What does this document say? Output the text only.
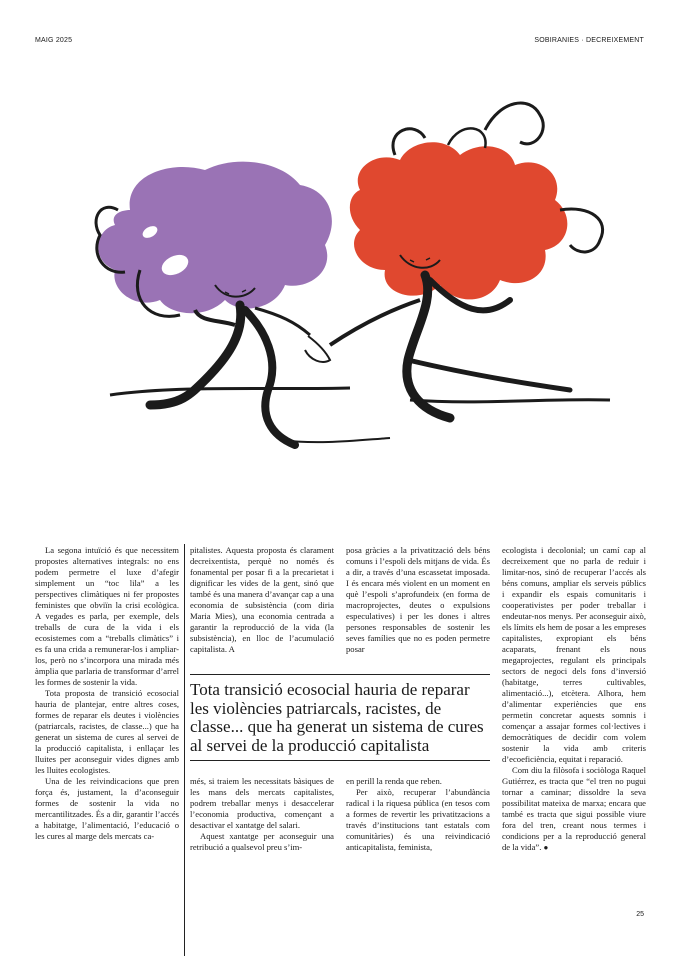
MAIG 2025	SOBIRANIES · DECREIXEMENT

La segona intuïció és que necessitem propostes alternatives integrals: no ens podem permetre el luxe d’afegir simplement un “toc lila” a les perspectives climàtiques ni fer propostes feministes que obviïn la crisi ecològica. A vegades es parla, per exemple, dels treballs de cura de la vida i els ecosistemes com a “treballs climàtics” i es fa una crida a remunerar-los i ampliar-los, però no s’incorpora una mirada més àmplia que parlaria de transformar d’arrel les formes de sostenir la vida.

Tota proposta de transició ecosocial hauria de plantejar, entre altres coses, formes de reparar els deutes i violències (patriarcals, racistes, de classe...) que ha generat un sistema de cures al servei de la producció capitalista, i enllaçar les lluites per aconseguir vides dignes amb les lluites ecologistes.

Una de les reivindicacions que pren força és, justament, la d’aconseguir formes de sostenir la vida no mercantilitzades. És a dir, garantir l’accés a habitatge, l’alimentació, l’educació o les cures al marge dels mercats ca-

pitalistes. Aquesta proposta és clarament decreixentista, perquè no només és fonamental per posar fi a la precarietat i dignificar les vides de la gent, sinó que també és una manera d’avançar cap a una economia de subsistència (com diria Maria Mies), una economia centrada a garantir la reproducció de la vida (la subsistència), en lloc de l’acumulació capitalista. A

posa gràcies a la privatització dels béns comuns i l’espoli dels mitjans de vida. És a dir, a través d’una escassetat imposada. I és encara més violent en un moment en què l’espoli s’aprofundeix (en forma de macroprojectes, deutes o expulsions especulatives) i per les dones i altres persones responsables de sostenir les seves famílies que no es poden permetre posar

Tota transició ecosocial hauria de reparar les violències patriarcals, racistes, de classe... que ha generat un sistema de cures al servei de la producció capitalista

més, si traiem les necessitats bàsiques de les mans dels mercats capitalistes, podrem treballar menys i desaccelerar l’economia productiva, començant a desactivar el xantatge del salari.

Aquest xantatge per aconseguir una retribució a qualsevol preu s’im-

en perill la renda que reben.

Per això, recuperar l’abundància radical i la riquesa pública (en tesos com a formes de revertir les privatitzacions a través d’institucions tant estatals com comunitàries) és una reivindicació anticapitalista, feminista,

ecologista i decolonial; un camí cap al decreixement que no parla de reduir i limitar-nos, sinó de recuperar l’accés als béns comuns, ampliar els serveis públics i expandir els espais comunitaris i cooperativistes per poder treballar i endeutar-nos menys. Per aconseguir això, els límits els hem de posar a les empreses capitalistes, expropiant els béns acaparats, frenant els nous megaprojectes, regulant els principals sectors de negoci dels fons d’inversió (habitatge, terres cultivables, alimentació...), etcètera. Alhora, hem d’alimentar experiències que ens permetin concretar aquests somnis i començar a assajar formes col·lectives i democràtiques de decidir com volem sostenir la vida amb criteris d’ecoeficiència, equitat i reparació.

Com diu la filòsofa i sociòloga Raquel Gutiérrez, es tracta que “el tren no pugui tornar a caminar; dissoldre la seva possibilitat mateixa de marxa; encara que també es tracta que sigui possible viure fora del tren, creant nous termes i condicions per a la reproducció general de la vida”. ●

25
